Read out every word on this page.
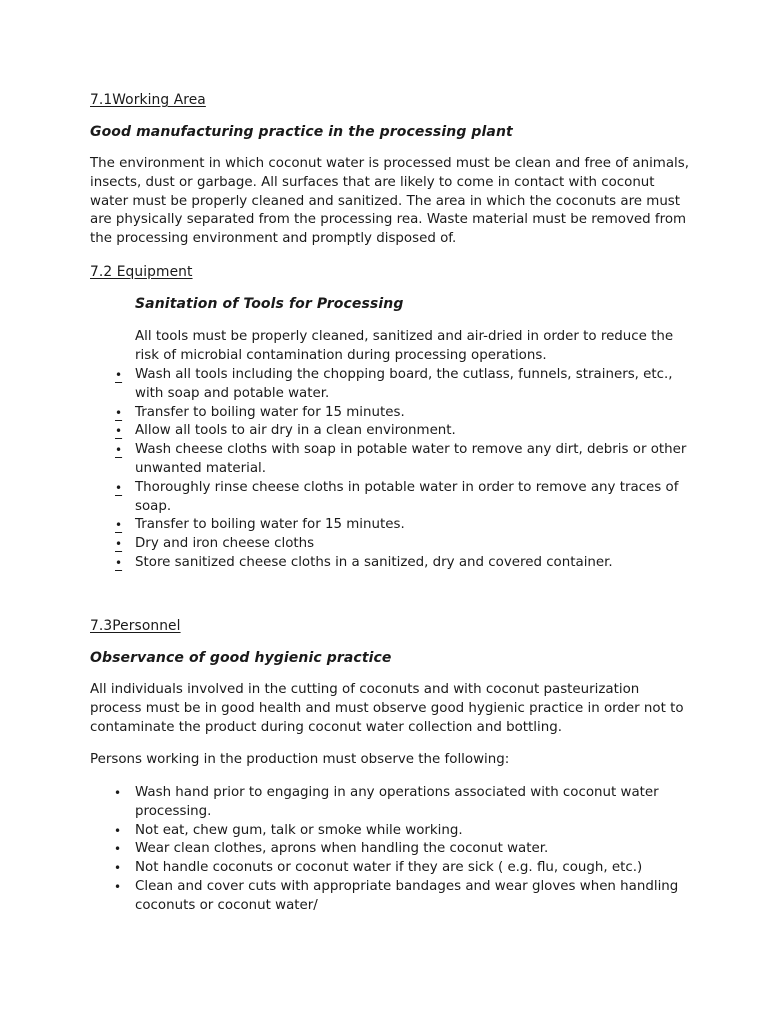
7.1Working Area
Good manufacturing practice in the processing plant

The environment in which coconut water is processed must be clean and free of animals, insects, dust or garbage. All surfaces that are likely to come in contact with coconut water must be properly cleaned and sanitized. The area in which the coconuts are must are physically separated from the processing rea. Waste material must be removed from the processing environment and promptly disposed of.

7.2 Equipment
Sanitation of Tools for Processing

All tools must be properly cleaned, sanitized and air-dried in order to reduce the risk of microbial contamination during processing operations.

• Wash all tools including the chopping board, the cutlass, funnels, strainers, etc., with soap and potable water.
• Transfer to boiling water for 15 minutes.
• Allow all tools to air dry in a clean environment.
• Wash cheese cloths with soap in potable water to remove any dirt, debris or other unwanted material.
• Thoroughly rinse cheese cloths in potable water in order to remove any traces of soap.
• Transfer to boiling water for 15 minutes.
• Dry and iron cheese cloths
• Store sanitized cheese cloths in a sanitized, dry and covered container.
7.3Personnel
Observance of good hygienic practice

All individuals involved in the cutting of coconuts and with coconut pasteurization process must be in good health and must observe good hygienic practice in order not to contaminate the product during coconut water collection and bottling.

Persons working in the production must observe the following:

•	Wash hand prior to engaging in any operations associated with coconut water processing.
•	Not eat, chew gum, talk or smoke while working.
•	Wear clean clothes, aprons when handling the coconut water.
•	Not handle coconuts or coconut water if they are sick ( e.g. flu, cough, etc.)
•	Clean and cover cuts with appropriate bandages and wear gloves when handling coconuts or coconut water/
